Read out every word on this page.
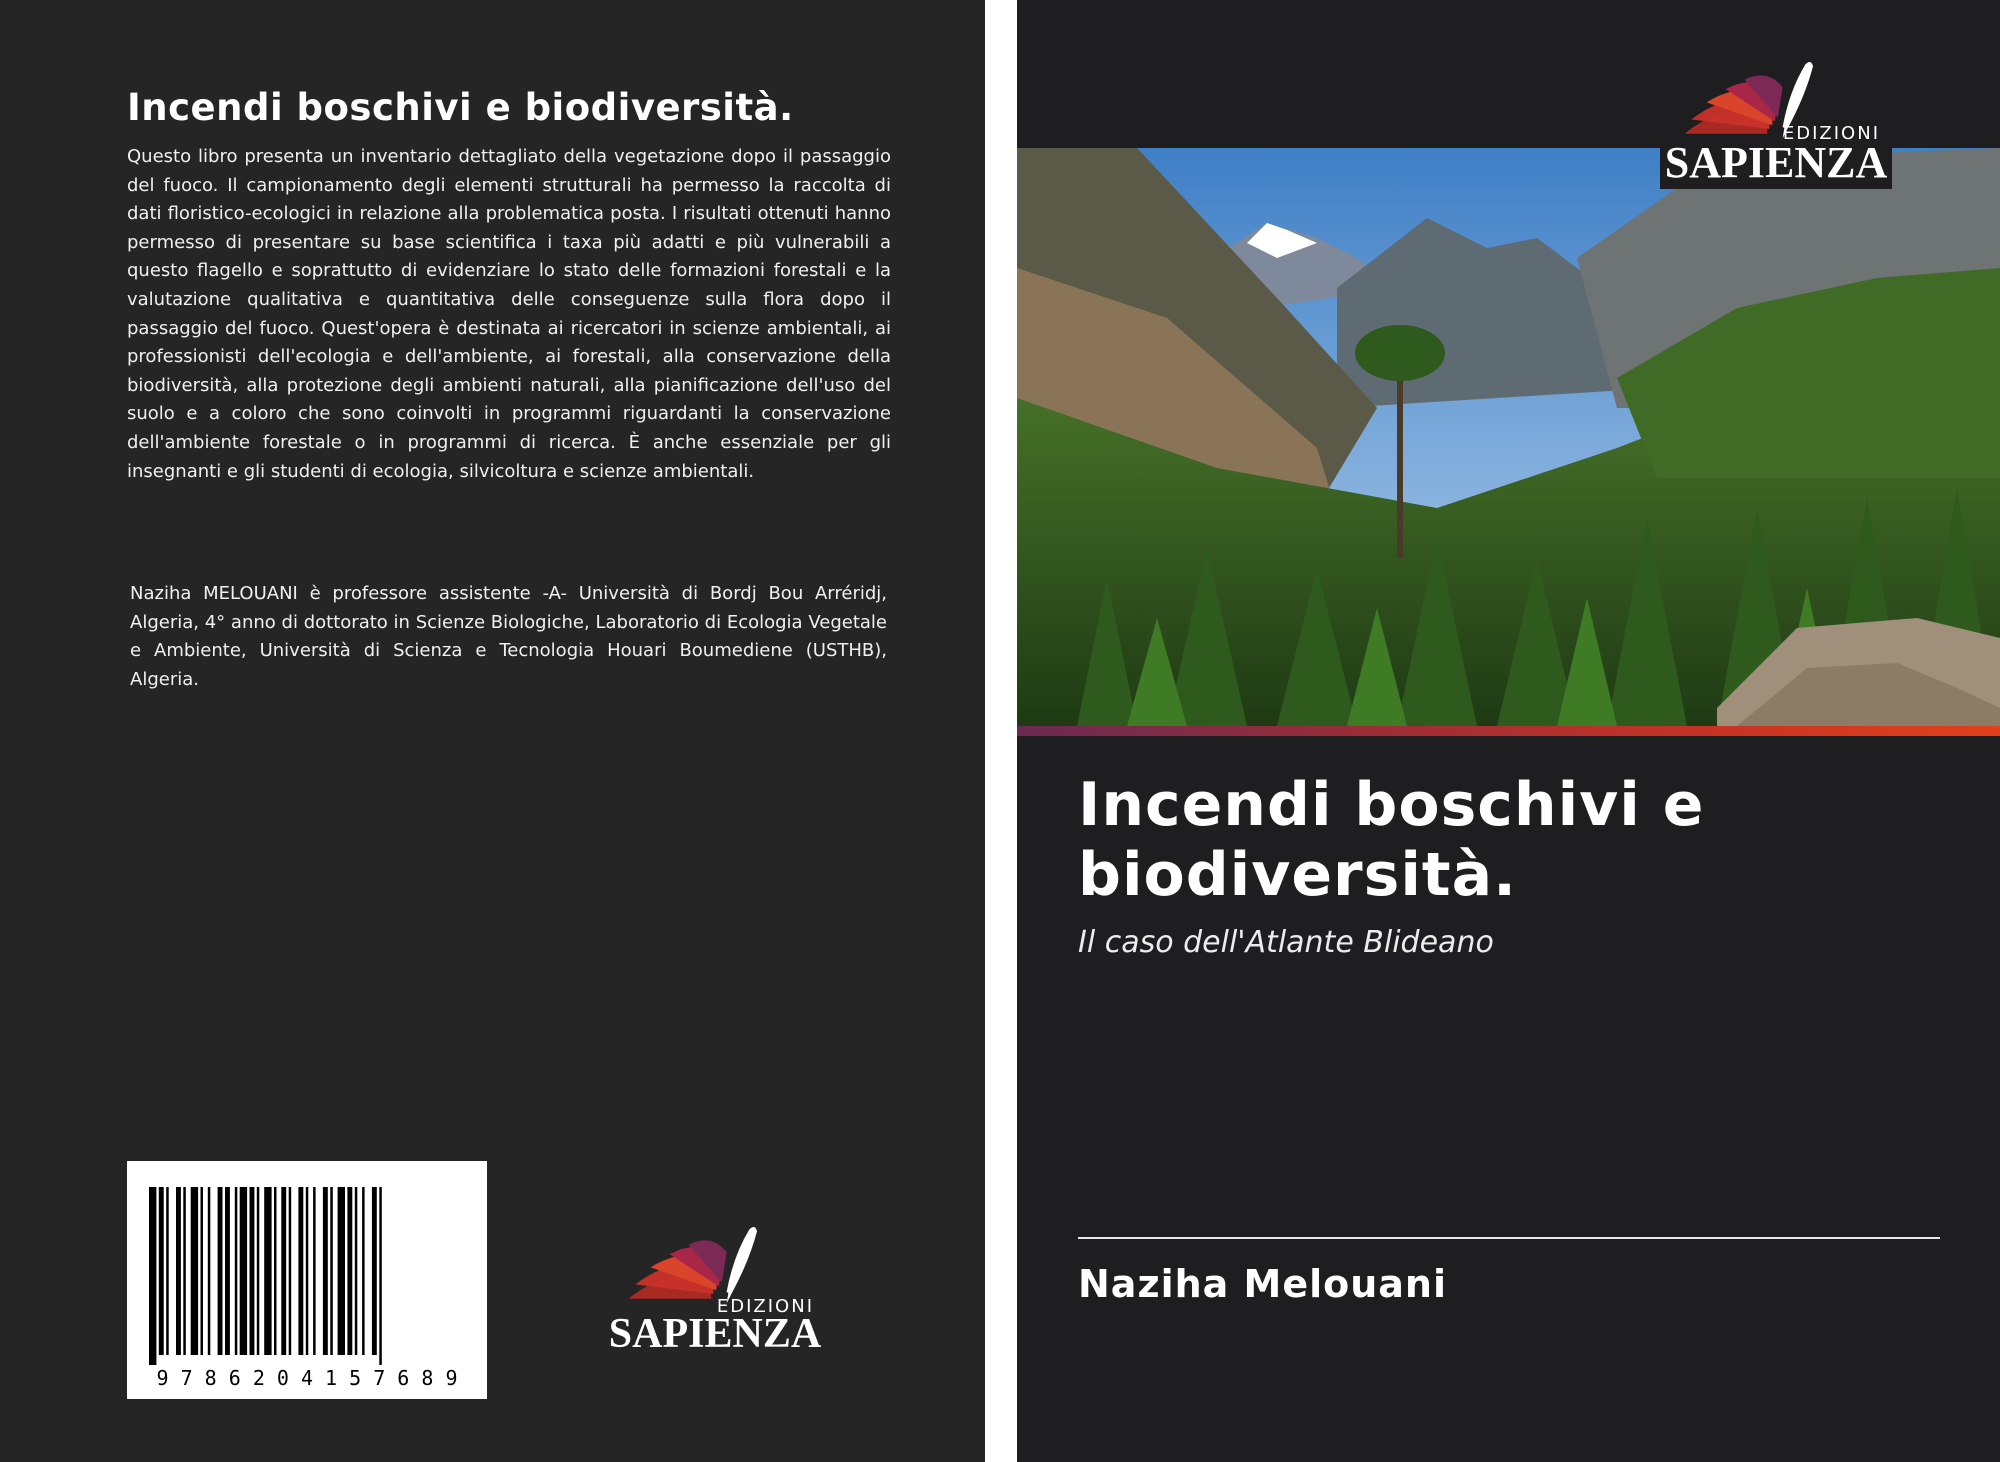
Incendi boschivi e biodiversità.

Questo libro presenta un inventario dettagliato della vegetazione dopo il passaggio del fuoco. Il campionamento degli elementi strutturali ha permesso la raccolta di dati floristico-ecologici in relazione alla problematica posta. I risultati ottenuti hanno permesso di presentare su base scientifica i taxa più adatti e più vulnerabili a questo flagello e soprattutto di evidenziare lo stato delle formazioni forestali e la valutazione qualitativa e quantitativa delle conseguenze sulla flora dopo il passaggio del fuoco. Quest'opera è destinata ai ricercatori in scienze ambientali, ai professionisti dell'ecologia e dell'ambiente, ai forestali, alla conservazione della biodiversità, alla protezione degli ambienti naturali, alla pianificazione dell'uso del suolo e a coloro che sono coinvolti in programmi riguardanti la conservazione dell'ambiente forestale o in programmi di ricerca. È anche essenziale per gli insegnanti e gli studenti di ecologia, silvicoltura e scienze ambientali.

Naziha MELOUANI è professore assistente -A- Università di Bordj Bou Arréridj, Algeria, 4° anno di dottorato in Scienze Biologiche, Laboratorio di Ecologia Vegetale e Ambiente, Università di Scienza e Tecnologia Houari Boumediene (USTHB), Algeria.

9 7 8 6 2 0 4 1 5 7 6 8 9
EDIZIONI
SAPIENZA
EDIZIONI
SAPIENZA
Incendi boschivi e biodiversità.

Il caso dell'Atlante Blideano

Naziha Melouani
